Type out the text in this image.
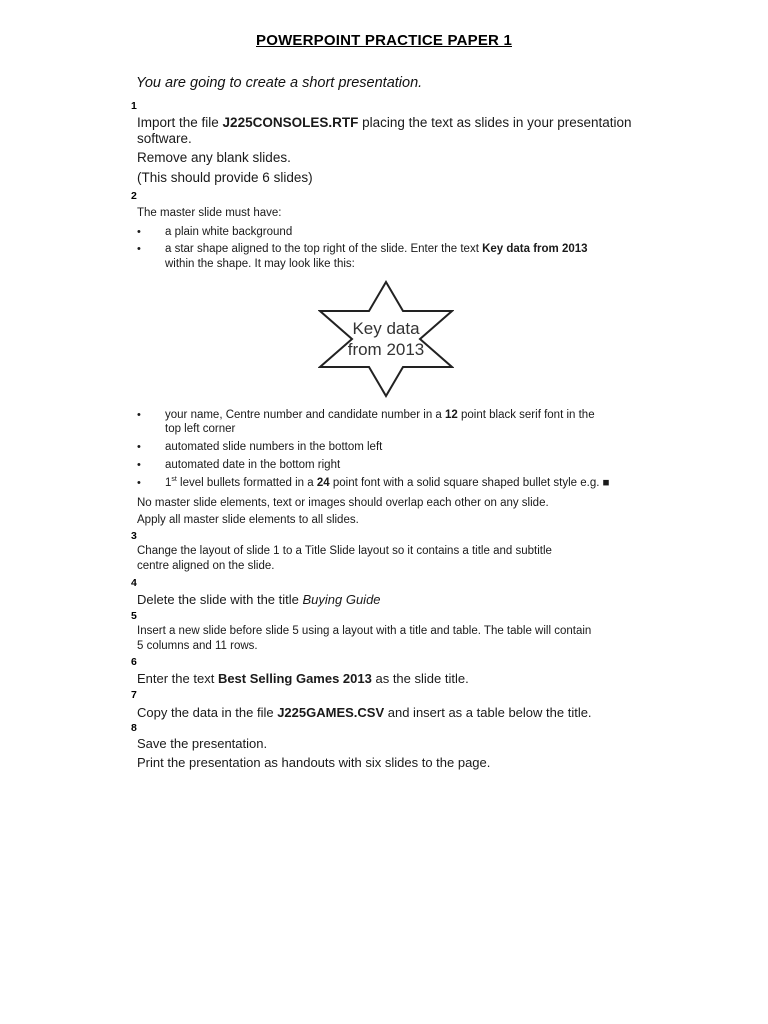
POWERPOINT PRACTICE PAPER 1
You are going to create a short presentation.
1
Import the file J225CONSOLES.RTF placing the text as slides in your presentation
software.
Remove any blank slides.
(This should provide 6 slides)
2
The master slide must have:
• a plain white background
• a star shape aligned to the top right of the slide. Enter the text Key data from 2013
within the shape. It may look like this:
Key data
from 2013
• your name, Centre number and candidate number in a 12 point black serif font in the
top left corner
• automated slide numbers in the bottom left
• automated date in the bottom right
• 1st level bullets formatted in a 24 point font with a solid square shaped bullet style e.g. ■
No master slide elements, text or images should overlap each other on any slide.
Apply all master slide elements to all slides.
3
Change the layout of slide 1 to a Title Slide layout so it contains a title and subtitle
centre aligned on the slide.
4
Delete the slide with the title Buying Guide
5
Insert a new slide before slide 5 using a layout with a title and table. The table will contain
5 columns and 11 rows.
6
Enter the text Best Selling Games 2013 as the slide title.
7
Copy the data in the file J225GAMES.CSV and insert as a table below the title.
8
Save the presentation.
Print the presentation as handouts with six slides to the page.
